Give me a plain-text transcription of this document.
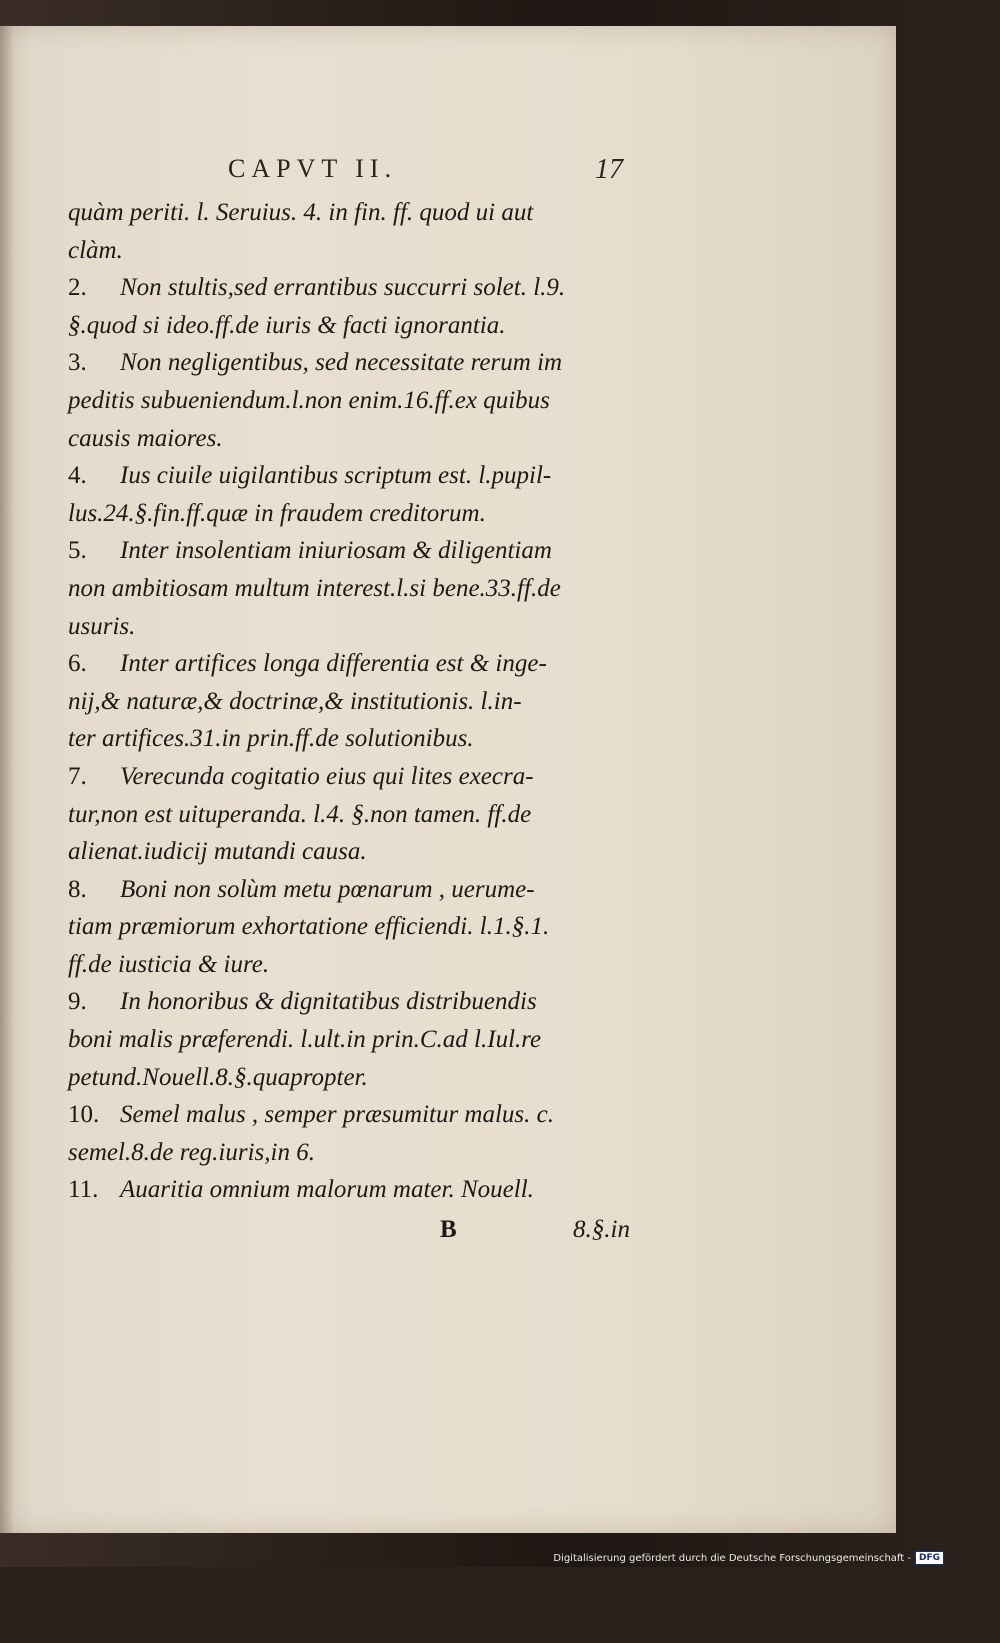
CAPVT II.	17
quàm periti. l. Seruius. 4. in fin. ff. quod ui aut
clàm.
2. Non stultis,sed errantibus succurri solet. l.9.
§.quod si ideo.ff.de iuris & facti ignorantia.
3. Non negligentibus, sed necessitate rerum im
peditis subueniendum.l.non enim.16.ff.ex quibus
causis maiores.
4. Ius ciuile uigilantibus scriptum est. l.pupil-
lus.24.§.fin.ff.quæ in fraudem creditorum.
5. Inter insolentiam iniuriosam & diligentiam
non ambitiosam multum interest.l.si bene.33.ff.de
usuris.
6. Inter artifices longa differentia est & inge-
nij,& naturæ,& doctrinæ,& institutionis. l.in-
ter artifices.31.in prin.ff.de solutionibus.
7. Verecunda cogitatio eius qui lites execra-
tur,non est uituperanda. l.4. §.non tamen. ff.de
alienat.iudicij mutandi causa.
8. Boni non solùm metu pœnarum , uerume-
tiam præmiorum exhortatione efficiendi. l.1.§.1.
ff.de iusticia & iure.
9. In honoribus & dignitatibus distribuendis
boni malis præferendi. l.ult.in prin.C.ad l.Iul.re
petund.Nouell.8.§.quapropter.
10. Semel malus , semper præsumitur malus. c.
semel.8.de reg.iuris,in 6.
11. Auaritia omnium malorum mater. Nouell.
B	8.§.in
Digitalisierung gefördert durch die Deutsche Forschungsgemeinschaft - DFG
